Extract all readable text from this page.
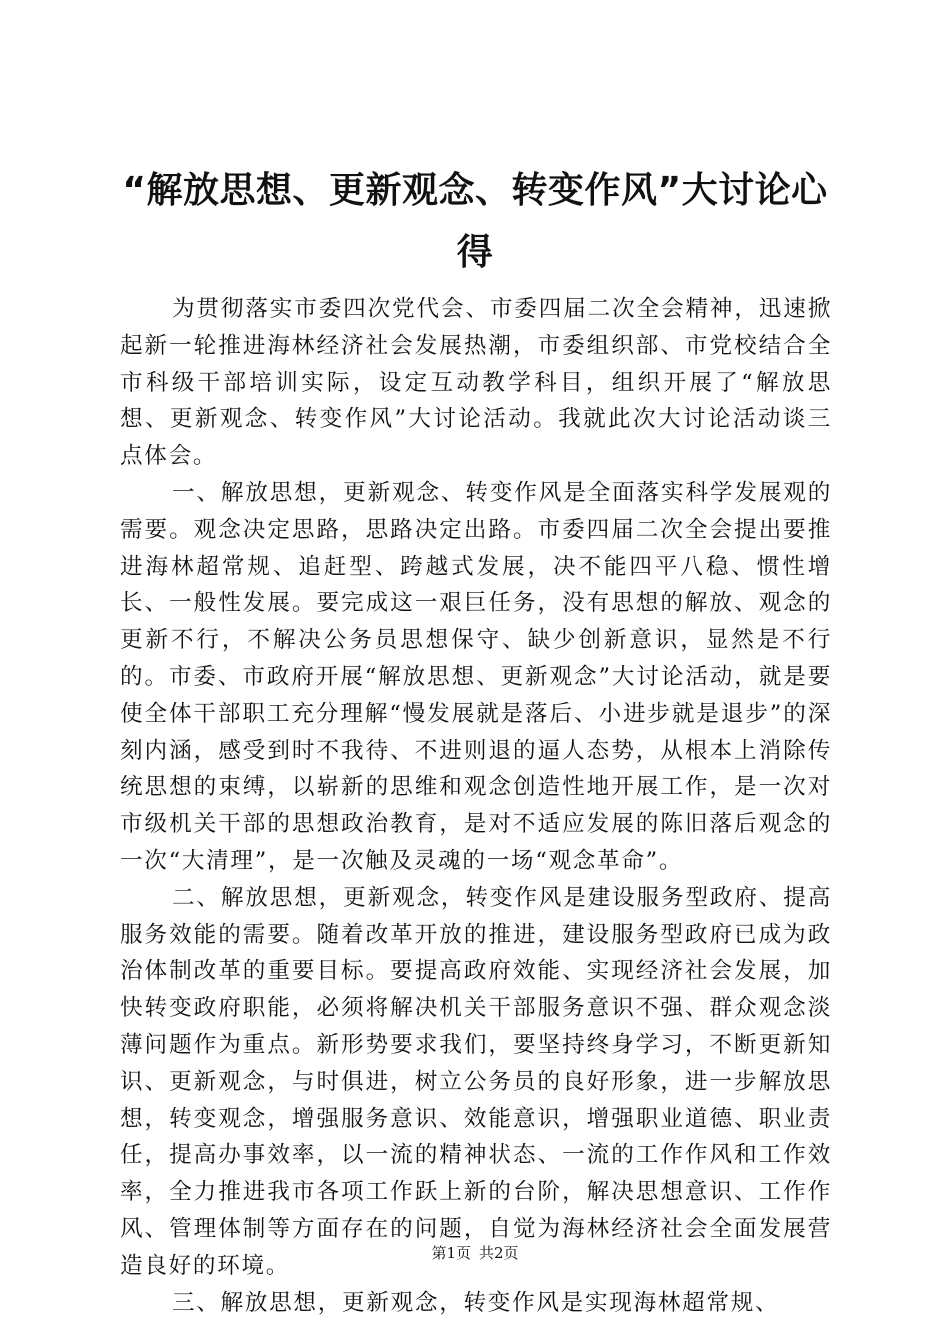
“解放思想、更新观念、转变作风”大讨论心得

为贯彻落实市委四次党代会、市委四届二次全会精神，迅速掀起新一轮推进海林经济社会发展热潮，市委组织部、市党校结合全市科级干部培训实际，设定互动教学科目，组织开展了“解放思想、更新观念、转变作风”大讨论活动。我就此次大讨论活动谈三点体会。

一、解放思想，更新观念、转变作风是全面落实科学发展观的需要。观念决定思路，思路决定出路。市委四届二次全会提出要推进海林超常规、追赶型、跨越式发展，决不能四平八稳、惯性增长、一般性发展。要完成这一艰巨任务，没有思想的解放、观念的更新不行，不解决公务员思想保守、缺少创新意识，显然是不行的。市委、市政府开展“解放思想、更新观念”大讨论活动，就是要使全体干部职工充分理解“慢发展就是落后、小进步就是退步”的深刻内涵，感受到时不我待、不进则退的逼人态势，从根本上消除传统思想的束缚，以崭新的思维和观念创造性地开展工作，是一次对市级机关干部的思想政治教育，是对不适应发展的陈旧落后观念的一次“大清理”，是一次触及灵魂的一场“观念革命”。

二、解放思想，更新观念，转变作风是建设服务型政府、提高服务效能的需要。随着改革开放的推进，建设服务型政府已成为政治体制改革的重要目标。要提高政府效能、实现经济社会发展，加快转变政府职能，必须将解决机关干部服务意识不强、群众观念淡薄问题作为重点。新形势要求我们，要坚持终身学习，不断更新知识、更新观念，与时俱进，树立公务员的良好形象，进一步解放思想，转变观念，增强服务意识、效能意识，增强职业道德、职业责任，提高办事效率，以一流的精神状态、一流的工作作风和工作效率，全力推进我市各项工作跃上新的台阶，解决思想意识、工作作风、管理体制等方面存在的问题，自觉为海林经济社会全面发展营造良好的环境。

三、解放思想，更新观念，转变作风是实现海林超常规、

第1页 共2页
